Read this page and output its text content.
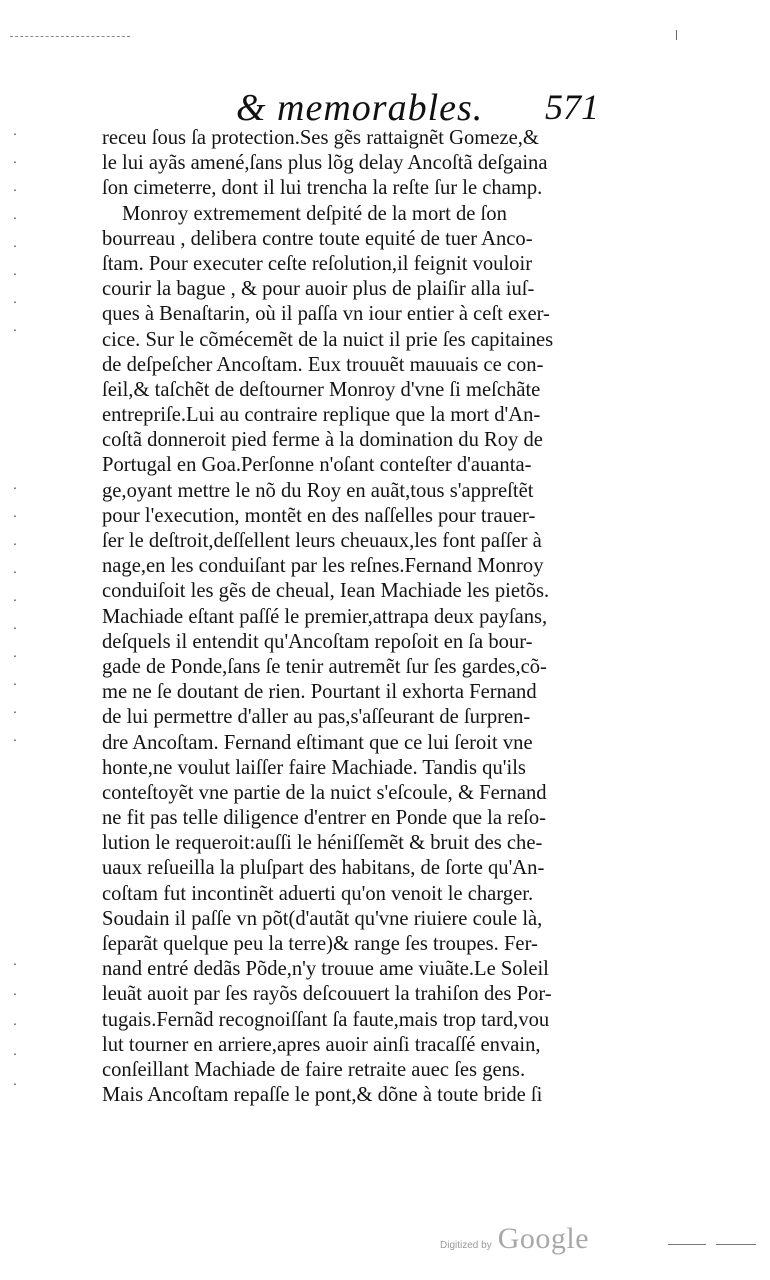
& memorables. 571
·
·
·
·
·
·
·
·
·
·
·
·
·
·
·
·
·
·
·
·
·
·
·
receu ſous ſa protection.Ses gẽs rattaignẽt Gomeze,&
le lui ayãs amené,ſans plus lõg delay Ancoſtã deſgaina
ſon cimeterre, dont il lui trencha la reſte ſur le champ.
Monroy extremement deſpité de la mort de ſon
bourreau , delibera contre toute equité de tuer Anco-
ſtam. Pour executer ceſte reſolution,il feignit vouloir
courir la bague , & pour auoir plus de plaiſir alla iuſ-
ques à Benaſtarin, où il paſſa vn iour entier à ceſt exer-
cice. Sur le cõmécemẽt de la nuict il prie ſes capitaines
de deſpeſcher Ancoſtam. Eux trouuẽt mauuais ce con-
ſeil,& taſchẽt de deſtourner Monroy d'vne ſi meſchãte
entrepriſe.Lui au contraire replique que la mort d'An-
coſtã donneroit pied ferme à la domination du Roy de
Portugal en Goa.Perſonne n'oſant conteſter d'auanta-
ge,oyant mettre le nõ du Roy en auãt,tous s'appreſtẽt
pour l'execution, montẽt en des naſſelles pour trauer-
ſer le deſtroit,deſſellent leurs cheuaux,les font paſſer à
nage,en les conduiſant par les reſnes.Fernand Monroy
conduiſoit les gẽs de cheual, Iean Machiade les pietõs.
Machiade eſtant paſſé le premier,attrapa deux payſans,
deſquels il entendit qu'Ancoſtam repoſoit en ſa bour-
gade de Ponde,ſans ſe tenir autremẽt ſur ſes gardes,cõ-
me ne ſe doutant de rien. Pourtant il exhorta Fernand
de lui permettre d'aller au pas,s'aſſeurant de ſurpren-
dre Ancoſtam. Fernand eſtimant que ce lui ſeroit vne
honte,ne voulut laiſſer faire Machiade. Tandis qu'ils
conteſtoyẽt vne partie de la nuict s'eſcoule, & Fernand
ne fit pas telle diligence d'entrer en Ponde que la reſo-
lution le requeroit:auſſi le héniſſemẽt & bruit des che-
uaux reſueilla la pluſpart des habitans, de ſorte qu'An-
coſtam fut incontinẽt aduerti qu'on venoit le charger.
Soudain il paſſe vn põt(d'autãt qu'vne riuiere coule là,
ſeparãt quelque peu la terre)& range ſes troupes. Fer-
nand entré dedãs Põde,n'y trouue ame viuãte.Le Soleil
leuãt auoit par ſes rayõs deſcouuert la trahiſon des Por-
tugais.Fernãd recognoiſſant ſa faute,mais trop tard,vou
lut tourner en arriere,apres auoir ainſi tracaſſé envain,
conſeillant Machiade de faire retraite auec ſes gens.
Mais Ancoſtam repaſſe le pont,& dõne à toute bride ſi
Digitized by Google
